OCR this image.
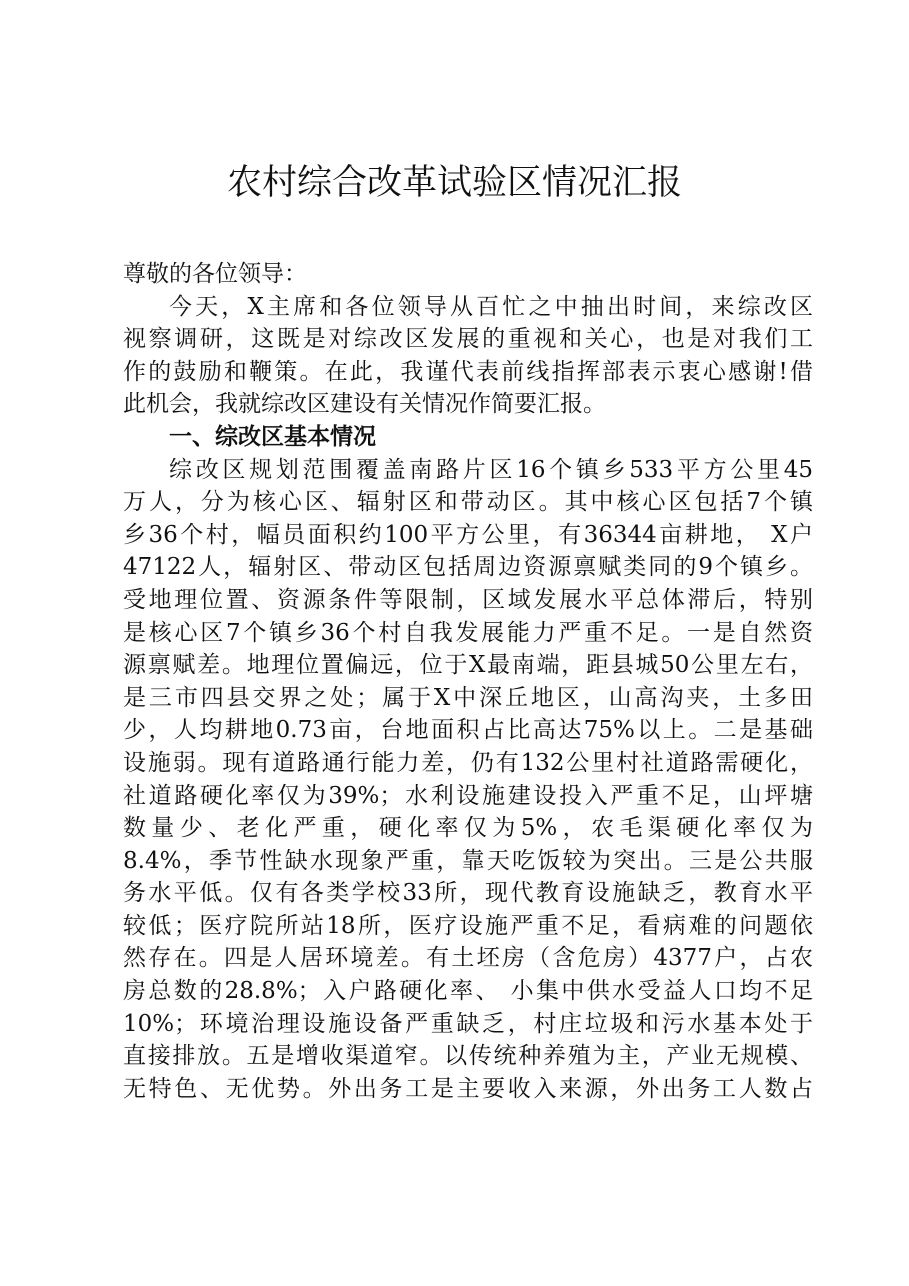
农村综合改革试验区情况汇报
尊敬的各位领导：
今天，X主席和各位领导从百忙之中抽出时间，来综改区
视察调研，这既是对综改区发展的重视和关心，也是对我们工
作的鼓励和鞭策。在此，我谨代表前线指挥部表示衷心感谢!借
此机会，我就综改区建设有关情况作简要汇报。
一、综改区基本情况
综改区规划范围覆盖南路片区16个镇乡533平方公里45
万人，分为核心区、辐射区和带动区。其中核心区包括7个镇
乡36个村，幅员面积约100平方公里，有36344亩耕地， X户
47122人，辐射区、带动区包括周边资源禀赋类同的9个镇乡。
受地理位置、资源条件等限制，区域发展水平总体滞后，特别
是核心区7个镇乡36个村自我发展能力严重不足。一是自然资
源禀赋差。地理位置偏远，位于X最南端，距县城50公里左右，
是三市四县交界之处；属于X中深丘地区，山高沟夹，土多田
少，人均耕地0.73亩，台地面积占比高达75%以上。二是基础
设施弱。现有道路通行能力差，仍有132公里村社道路需硬化，
社道路硬化率仅为39%；水利设施建设投入严重不足，山坪塘
数量少、老化严重，硬化率仅为5%，农毛渠硬化率仅为
8.4%，季节性缺水现象严重，靠天吃饭较为突出。三是公共服
务水平低。仅有各类学校33所，现代教育设施缺乏，教育水平
较低；医疗院所站18所，医疗设施严重不足，看病难的问题依
然存在。四是人居环境差。有土坯房（含危房）4377户，占农
房总数的28.8%；入户路硬化率、 小集中供水受益人口均不足
10%；环境治理设施设备严重缺乏，村庄垃圾和污水基本处于
直接排放。五是增收渠道窄。以传统种养殖为主，产业无规模、
无特色、无优势。外出务工是主要收入来源，外出务工人数占
